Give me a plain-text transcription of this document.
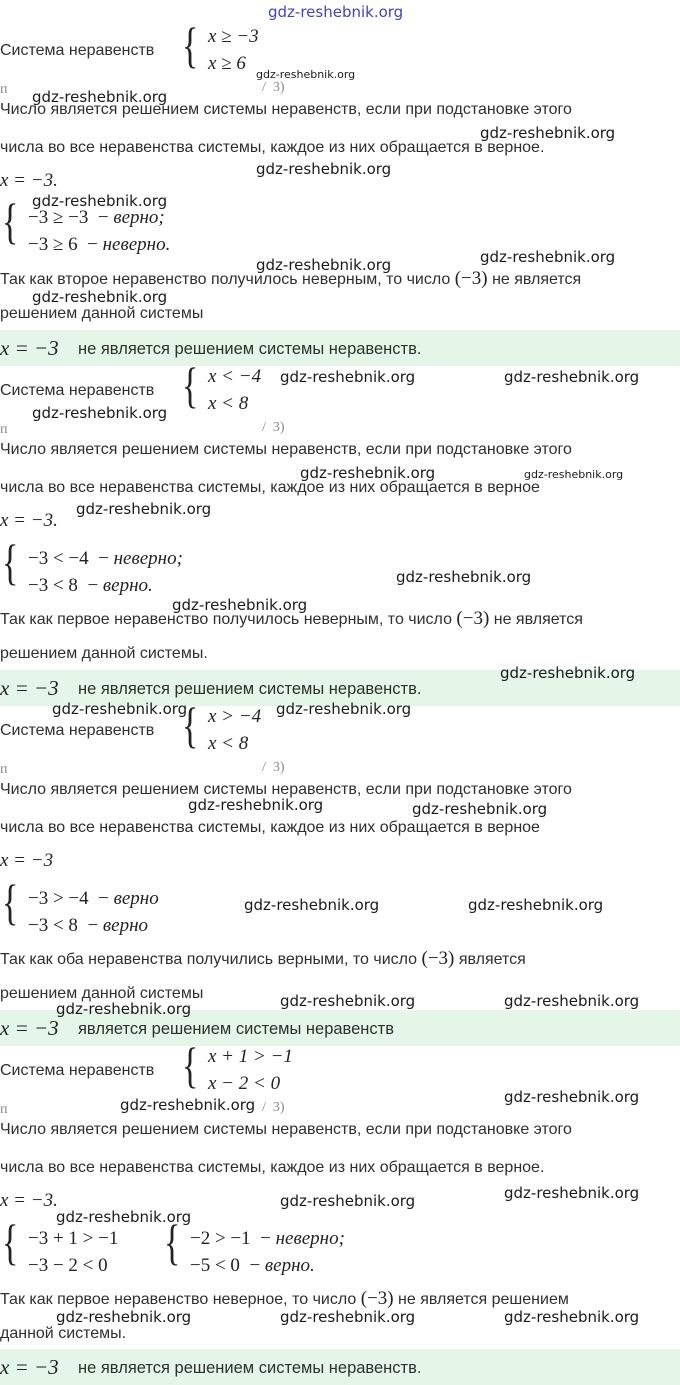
gdz-reshebnik.org
Система неравенств { x ≥ −3
x ≥ 6
п	/  3)
Число является решением системы неравенств, если при подстановке этого
числа во все неравенства системы, каждое из них обращается в верное.
x = −3.
{ −3 ≥ −3  − верно;
−3 ≥ 6  − неверно.
Так как второе неравенство получилось неверным, то число (−3) не является
решением данной системы
x = −3 не является решением системы неравенств.
Система неравенств { x < −4
x < 8
п	/  3)
Число является решением системы неравенств, если при подстановке этого
числа во все неравенства системы, каждое из них обращается в верное
x = −3.
{ −3 < −4  − неверно;
−3 < 8  − верно.
Так как первое неравенство получилось неверным, то число (−3) не является
решением данной системы.
x = −3 не является решением системы неравенств.
Система неравенств { x > −4
x < 8
п	/  3)
Число является решением системы неравенств, если при подстановке этого
числа во все неравенства системы, каждое из них обращается в верное
x = −3
{ −3 > −4  − верно
−3 < 8  − верно
Так как оба неравенства получились верными, то число (−3) является
решением данной системы
x = −3 является решением системы неравенств
Система неравенств { x + 1 > −1
x − 2 < 0
п	/  3)
Число является решением системы неравенств, если при подстановке этого
числа во все неравенства системы, каждое из них обращается в верное.
x = −3.
{ −3 + 1 > −1
−3 − 2 < 0 { −2 > −1  − неверно;
−5 < 0  − верно.
Так как первое неравенство неверное, то число (−3) не является решением
данной системы.
x = −3 не является решением системы неравенств.
gdz-reshebnik.org
gdz-reshebnik.org
gdz-reshebnik.org
gdz-reshebnik.org
gdz-reshebnik.org
gdz-reshebnik.org
gdz-reshebnik.org
gdz-reshebnik.org
gdz-reshebnik.org	gdz-reshebnik.org
gdz-reshebnik.org
gdz-reshebnik.org	gdz-reshebnik.org
gdz-reshebnik.org
gdz-reshebnik.org
gdz-reshebnik.org
gdz-reshebnik.org
gdz-reshebnik.org	gdz-reshebnik.org
gdz-reshebnik.org	gdz-reshebnik.org
gdz-reshebnik.org	gdz-reshebnik.org
gdz-reshebnik.org	gdz-reshebnik.org
gdz-reshebnik.org
gdz-reshebnik.org
gdz-reshebnik.org
gdz-reshebnik.org	gdz-reshebnik.org
gdz-reshebnik.org
gdz-reshebnik.org	gdz-reshebnik.org	gdz-reshebnik.org
